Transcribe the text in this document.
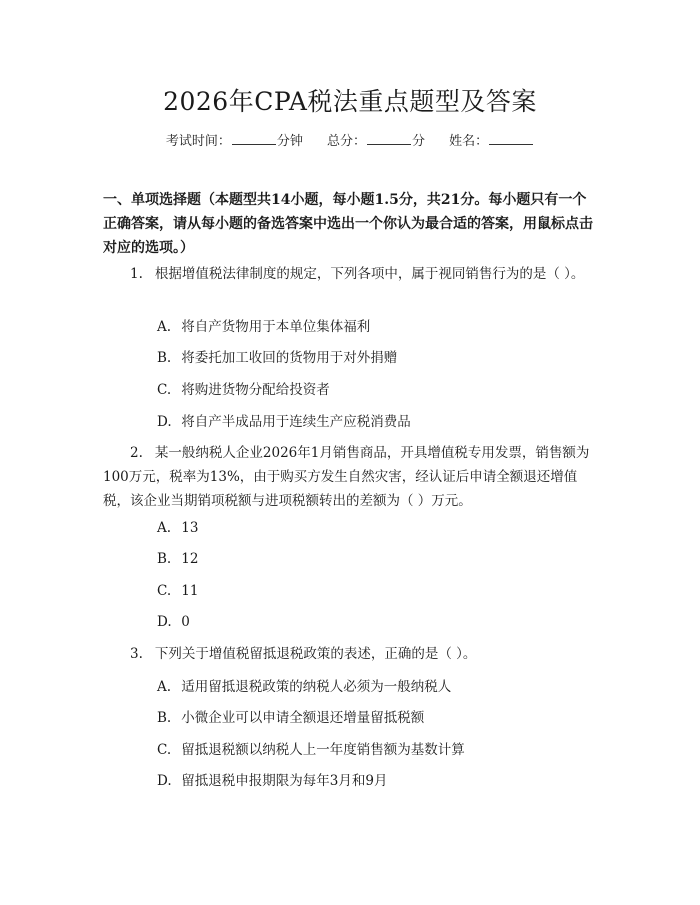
2026年CPA税法重点题型及答案
考试时间：	分钟 总分：	分 姓名：
一、单项选择题（本题型共14小题，每小题1.5分，共21分。每小题只有一个正确答案，请从每小题的备选答案中选出一个你认为最合适的答案，用鼠标点击对应的选项。）
1. 根据增值税法律制度的规定，下列各项中，属于视同销售行为的是（ ）。
A. 将自产货物用于本单位集体福利
B. 将委托加工收回的货物用于对外捐赠
C. 将购进货物分配给投资者
D. 将自产半成品用于连续生产应税消费品
2. 某一般纳税人企业2026年1月销售商品，开具增值税专用发票，销售额为100万元，税率为13%，由于购买方发生自然灾害，经认证后申请全额退还增值税，该企业当期销项税额与进项税额转出的差额为（ ）万元。
A. 13
B. 12
C. 11
D. 0
3. 下列关于增值税留抵退税政策的表述，正确的是（ ）。
A. 适用留抵退税政策的纳税人必须为一般纳税人
B. 小微企业可以申请全额退还增量留抵税额
C. 留抵退税额以纳税人上一年度销售额为基数计算
D. 留抵退税申报期限为每年3月和9月
